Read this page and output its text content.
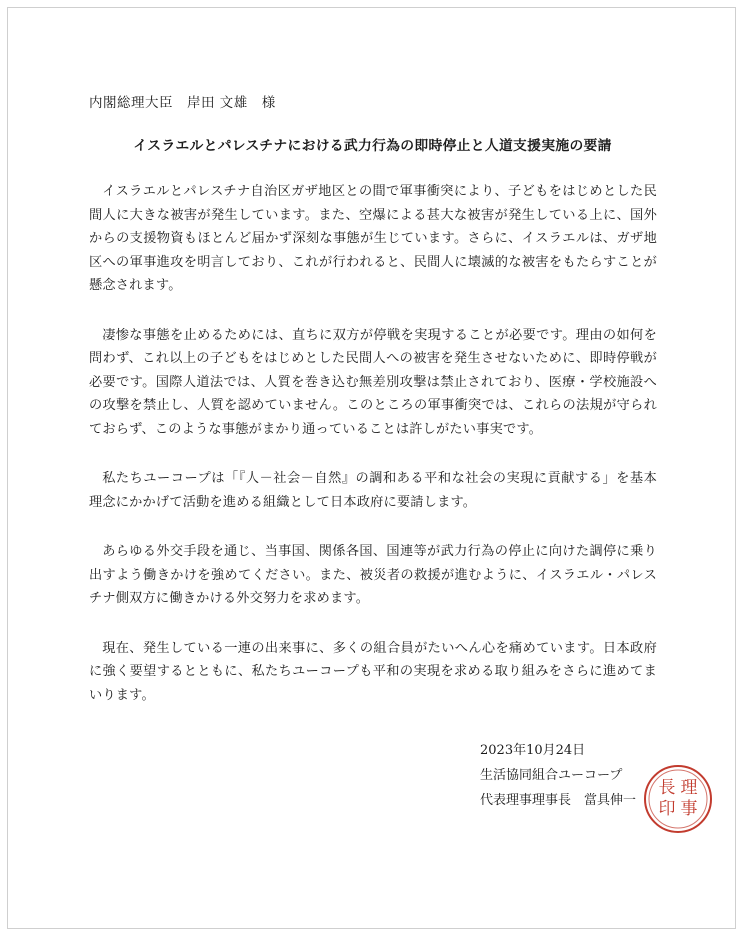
内閣総理大臣　岸田 文雄　様
イスラエルとパレスチナにおける武力行為の即時停止と人道支援実施の要請

イスラエルとパレスチナ自治区ガザ地区との間で軍事衝突により、子どもをはじめとした民間人に大きな被害が発生しています。また、空爆による甚大な被害が発生している上に、国外からの支援物資もほとんど届かず深刻な事態が生じています。さらに、イスラエルは、ガザ地区への軍事進攻を明言しており、これが行われると、民間人に壊滅的な被害をもたらすことが懸念されます。

凄惨な事態を止めるためには、直ちに双方が停戦を実現することが必要です。理由の如何を問わず、これ以上の子どもをはじめとした民間人への被害を発生させないために、即時停戦が必要です。国際人道法では、人質を巻き込む無差別攻撃は禁止されており、医療・学校施設への攻撃を禁止し、人質を認めていません。このところの軍事衝突では、これらの法規が守られておらず、このような事態がまかり通っていることは許しがたい事実です。

私たちユーコープは「『人－社会－自然』の調和ある平和な社会の実現に貢献する」を基本理念にかかげて活動を進める組織として日本政府に要請します。

あらゆる外交手段を通じ、当事国、関係各国、国連等が武力行為の停止に向けた調停に乗り出すよう働きかけを強めてください。また、被災者の救援が進むように、イスラエル・パレスチナ側双方に働きかける外交努力を求めます。

現在、発生している一連の出来事に、多くの組合員がたいへん心を痛めています。日本政府に強く要望するとともに、私たちユーコープも平和の実現を求める取り組みをさらに進めてまいります。

2023年10月24日
生活協同組合ユーコープ
代表理事理事長　當具伸一
理
事
長
印
